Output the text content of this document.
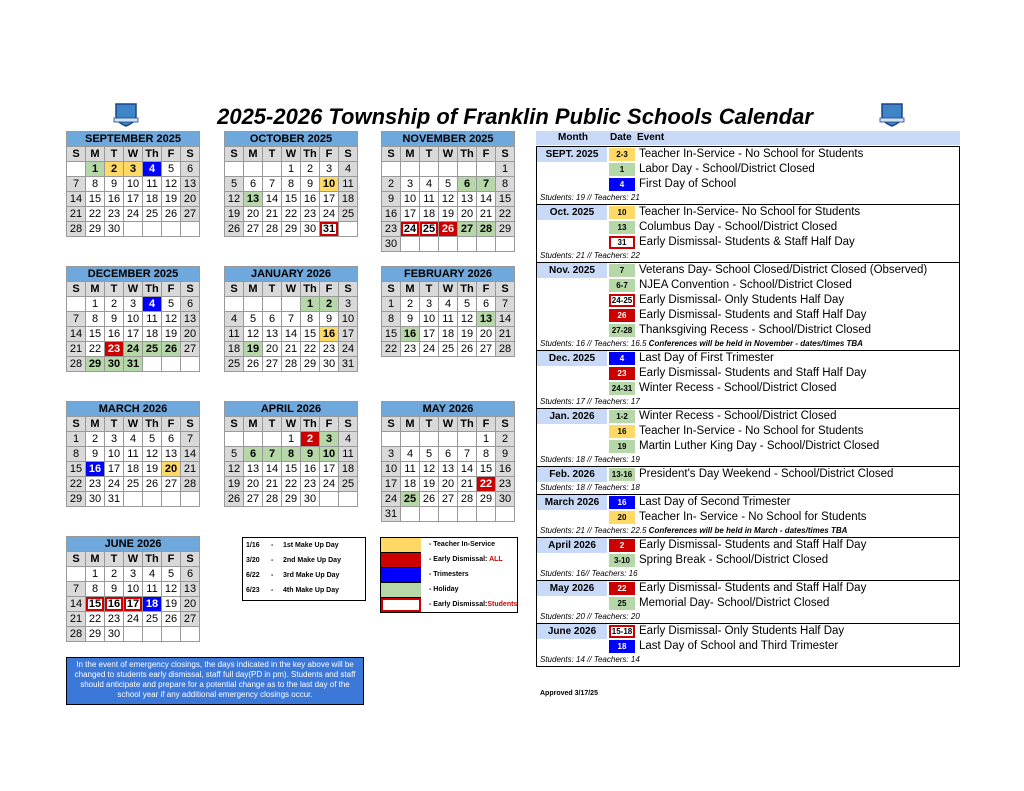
2025-2026 Township of Franklin Public Schools Calendar
SEPTEMBER 2025						
S	M	T	W	Th	F	S
	1	2	3	4	5	6
7	8	9	10	11	12	13
14	15	16	17	18	19	20
21	22	23	24	25	26	27
28	29	30				
OCTOBER 2025						
S	M	T	W	Th	F	S
			1	2	3	4
5	6	7	8	9	10	11
12	13	14	15	16	17	18
19	20	21	22	23	24	25
26	27	28	29	30	31	
NOVEMBER 2025						
S	M	T	W	Th	F	S
						1
2	3	4	5	6	7	8
9	10	11	12	13	14	15
16	17	18	19	20	21	22
23	24	25	26	27	28	29
30						
DECEMBER 2025						
S	M	T	W	Th	F	S
	1	2	3	4	5	6
7	8	9	10	11	12	13
14	15	16	17	18	19	20
21	22	23	24	25	26	27
28	29	30	31			
JANUARY 2026						
S	M	T	W	Th	F	S
				1	2	3
4	5	6	7	8	9	10
11	12	13	14	15	16	17
18	19	20	21	22	23	24
25	26	27	28	29	30	31
FEBRUARY 2026						
S	M	T	W	Th	F	S
1	2	3	4	5	6	7
8	9	10	11	12	13	14
15	16	17	18	19	20	21
22	23	24	25	26	27	28
MARCH 2026						
S	M	T	W	Th	F	S
1	2	3	4	5	6	7
8	9	10	11	12	13	14
15	16	17	18	19	20	21
22	23	24	25	26	27	28
29	30	31				
APRIL 2026						
S	M	T	W	Th	F	S
			1	2	3	4
5	6	7	8	9	10	11
12	13	14	15	16	17	18
19	20	21	22	23	24	25
26	27	28	29	30		
MAY 2026						
S	M	T	W	Th	F	S
					1	2
3	4	5	6	7	8	9
10	11	12	13	14	15	16
17	18	19	20	21	22	23
24	25	26	27	28	29	30
31						
JUNE 2026						
S	M	T	W	Th	F	S
	1	2	3	4	5	6
7	8	9	10	11	12	13
14	15	16	17	18	19	20
21	22	23	24	25	26	27
28	29	30				
Month Date Event
SEPT. 2025	2-3 Teacher In-Service - No School for Students
1	Labor Day - School/District Closed
4	First Day of School
Students: 19 // Teachers: 21
Oct. 2025	10	Teacher In-Service- No School for Students
13	Columbus Day - School/District Closed
31	Early Dismissal- Students & Staff Half Day
Students: 21 // Teachers: 22
Nov. 2025	7	Veterans Day- School Closed/District Closed (Observed)
6-7 NJEA Convention - School/District Closed
24-25 Early Dismissal- Only Students Half Day
26	Early Dismissal- Students and Staff Half Day
27-28 Thanksgiving Recess - School/District Closed
Students: 16 // Teachers: 16.5 Conferences will be held in November - dates/times TBA
Dec. 2025	4	Last Day of First Trimester
23	Early Dismissal- Students and Staff Half Day
24-31 Winter Recess - School/District Closed
Students: 17 // Teachers: 17
Jan. 2026	1-2 Winter Recess - School/District Closed
16	Teacher In-Service - No School for Students
19	Martin Luther King Day - School/District Closed
Students: 18 // Teachers: 19
Feb. 2026	13-16 President's Day Weekend - School/District Closed
Students: 18 // Teachers: 18
March 2026	16	Last Day of Second Trimester
20	Teacher In- Service - No School for Students
Students: 21 // Teachers: 22.5 Conferences will be held in March - dates/times TBA
April 2026	2	Early Dismissal- Students and Staff Half Day
3-10 Spring Break - School/District Closed
Students: 16// Teachers: 16
May 2026	22	Early Dismissal- Students and Staff Half Day
25	Memorial Day- School/District Closed
Students: 20 // Teachers: 20
June 2026	15-18 Early Dismissal- Only Students Half Day
18	Last Day of School and Third Trimester
Students: 14 // Teachers: 14
1/16 - 1st Make Up Day
3/20 - 2nd Make Up Day
6/22 - 3rd Make Up Day
6/23 - 4th Make Up Day
- Teacher In-Service
- Early Dismissal: ALL
- Trimesters
- Holiday
- Early Dismissal:Students
In the event of emergency closings, the days indicated in the key above will be changed to students early dismissal, staff full day(PD in pm). Students and staff should anticipate and prepare for a potential change as to the last day of the school year if any additional emergency closings occur.	Approved 3/17/25
